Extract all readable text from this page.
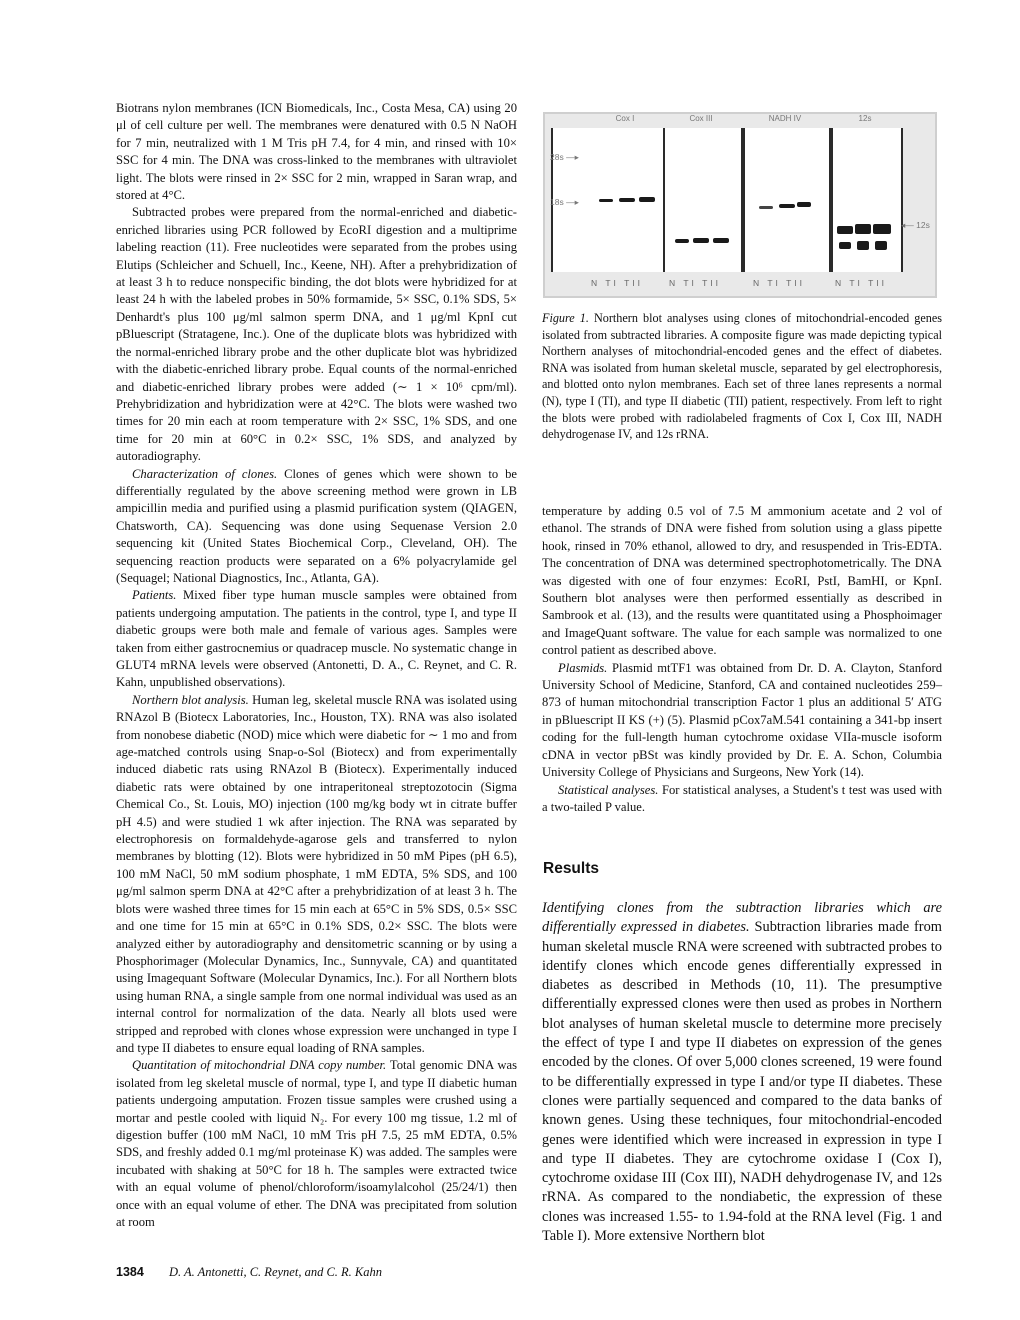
Biotrans nylon membranes (ICN Biomedicals, Inc., Costa Mesa, CA) using 20 μl of cell culture per well. The membranes were denatured with 0.5 N NaOH for 7 min, neutralized with 1 M Tris pH 7.4, for 4 min, and rinsed with 10× SSC for 4 min. The DNA was cross-linked to the membranes with ultraviolet light. The blots were rinsed in 2× SSC for 2 min, wrapped in Saran wrap, and stored at 4°C.

Subtracted probes were prepared from the normal-enriched and diabetic-enriched libraries using PCR followed by EcoRI digestion and a multiprime labeling reaction (11). Free nucleotides were separated from the probes using Elutips (Schleicher and Schuell, Inc., Keene, NH). After a prehybridization of at least 3 h to reduce nonspecific binding, the dot blots were hybridized for at least 24 h with the labeled probes in 50% formamide, 5× SSC, 0.1% SDS, 5× Denhardt's plus 100 μg/ml salmon sperm DNA, and 1 μg/ml KpnI cut pBluescript (Stratagene, Inc.). One of the duplicate blots was hybridized with the normal-enriched library probe and the other duplicate blot was hybridized with the diabetic-enriched library probe. Equal counts of the normal-enriched and diabetic-enriched library probes were added (∼ 1 × 10⁶ cpm/ml). Prehybridization and hybridization were at 42°C. The blots were washed two times for 20 min each at room temperature with 2× SSC, 1% SDS, and one time for 20 min at 60°C in 0.2× SSC, 1% SDS, and analyzed by autoradiography.

Characterization of clones. Clones of genes which were shown to be differentially regulated by the above screening method were grown in LB ampicillin media and purified using a plasmid purification system (QIAGEN, Chatsworth, CA). Sequencing was done using Sequenase Version 2.0 sequencing kit (United States Biochemical Corp., Cleveland, OH). The sequencing reaction products were separated on a 6% polyacrylamide gel (Sequagel; National Diagnostics, Inc., Atlanta, GA).

Patients. Mixed fiber type human muscle samples were obtained from patients undergoing amputation. The patients in the control, type I, and type II diabetic groups were both male and female of various ages. Samples were taken from either gastrocnemius or quadracep muscle. No systematic change in GLUT4 mRNA levels were observed (Antonetti, D. A., C. Reynet, and C. R. Kahn, unpublished observations).

Northern blot analysis. Human leg, skeletal muscle RNA was isolated using RNAzol B (Biotecx Laboratories, Inc., Houston, TX). RNA was also isolated from nonobese diabetic (NOD) mice which were diabetic for ∼ 1 mo and from age-matched controls using Snap-o-Sol (Biotecx) and from experimentally induced diabetic rats using RNAzol B (Biotecx). Experimentally induced diabetic rats were obtained by one intraperitoneal streptozotocin (Sigma Chemical Co., St. Louis, MO) injection (100 mg/kg body wt in citrate buffer pH 4.5) and were studied 1 wk after injection. The RNA was separated by electrophoresis on formaldehyde-agarose gels and transferred to nylon membranes by blotting (12). Blots were hybridized in 50 mM Pipes (pH 6.5), 100 mM NaCl, 50 mM sodium phosphate, 1 mM EDTA, 5% SDS, and 100 μg/ml salmon sperm DNA at 42°C after a prehybridization of at least 3 h. The blots were washed three times for 15 min each at 65°C in 5% SDS, 0.5× SSC and one time for 15 min at 65°C in 0.1% SDS, 0.2× SSC. The blots were analyzed either by autoradiography and densitometric scanning or by using a Phosphorimager (Molecular Dynamics, Inc., Sunnyvale, CA) and quantitated using Imagequant Software (Molecular Dynamics, Inc.). For all Northern blots using human RNA, a single sample from one normal individual was used as an internal control for normalization of the data. Nearly all blots used were stripped and reprobed with clones whose expression were unchanged in type I and type II diabetes to ensure equal loading of RNA samples.

Quantitation of mitochondrial DNA copy number. Total genomic DNA was isolated from leg skeletal muscle of normal, type I, and type II diabetic human patients undergoing amputation. Frozen tissue samples were crushed using a mortar and pestle cooled with liquid N₂. For every 100 mg tissue, 1.2 ml of digestion buffer (100 mM NaCl, 10 mM Tris pH 7.5, 25 mM EDTA, 0.5% SDS, and freshly added 0.1 mg/ml proteinase K) was added. The samples were incubated with shaking at 50°C for 18 h. The samples were extracted twice with an equal volume of phenol/chloroform/isoamylalcohol (25/24/1) then once with an equal volume of ether. The DNA was precipitated from solution at room

Cox I
28s —▸
18s —▸
Cox III	NADH IV	12s
◂— 12s
N TI TII	N TI TII	N TI TII	N TI TII

Figure 1. Northern blot analyses using clones of mitochondrial-encoded genes isolated from subtracted libraries. A composite figure was made depicting typical Northern analyses of mitochondrial-encoded genes and the effect of diabetes. RNA was isolated from human skeletal muscle, separated by gel electrophoresis, and blotted onto nylon membranes. Each set of three lanes represents a normal (N), type I (TI), and type II diabetic (TII) patient, respectively. From left to right the blots were probed with radiolabeled fragments of Cox I, Cox III, NADH dehydrogenase IV, and 12s rRNA.

temperature by adding 0.5 vol of 7.5 M ammonium acetate and 2 vol of ethanol. The strands of DNA were fished from solution using a glass pipette hook, rinsed in 70% ethanol, allowed to dry, and resuspended in Tris-EDTA. The concentration of DNA was determined spectrophotometrically. The DNA was digested with one of four enzymes: EcoRI, PstI, BamHI, or KpnI. Southern blot analyses were then performed essentially as described in Sambrook et al. (13), and the results were quantitated using a Phosphoimager and ImageQuant software. The value for each sample was normalized to one control patient as described above.

Plasmids. Plasmid mtTF1 was obtained from Dr. D. A. Clayton, Stanford University School of Medicine, Stanford, CA and contained nucleotides 259–873 of human mitochondrial transcription Factor 1 plus an additional 5′ ATG in pBluescript II KS (+) (5). Plasmid pCox7aM.541 containing a 341-bp insert coding for the full-length human cytochrome oxidase VIIa-muscle isoform cDNA in vector pBSt was kindly provided by Dr. E. A. Schon, Columbia University College of Physicians and Surgeons, New York (14).

Statistical analyses. For statistical analyses, a Student's t test was used with a two-tailed P value.

Results
Identifying clones from the subtraction libraries which are differentially expressed in diabetes. Subtraction libraries made from human skeletal muscle RNA were screened with subtracted probes to identify clones which encode genes differentially expressed in diabetes as described in Methods (10, 11). The presumptive differentially expressed clones were then used as probes in Northern blot analyses of human skeletal muscle to determine more precisely the effect of type I and type II diabetes on expression of the genes encoded by the clones. Of over 5,000 clones screened, 19 were found to be differentially expressed in type I and/or type II diabetes. These clones were partially sequenced and compared to the data banks of known genes. Using these techniques, four mitochondrial-encoded genes were identified which were increased in expression in type I and type II diabetes. They are cytochrome oxidase I (Cox I), cytochrome oxidase III (Cox III), NADH dehydrogenase IV, and 12s rRNA. As compared to the nondiabetic, the expression of these clones was increased 1.55- to 1.94-fold at the RNA level (Fig. 1 and Table I). More extensive Northern blot
1384 D. A. Antonetti, C. Reynet, and C. R. Kahn
